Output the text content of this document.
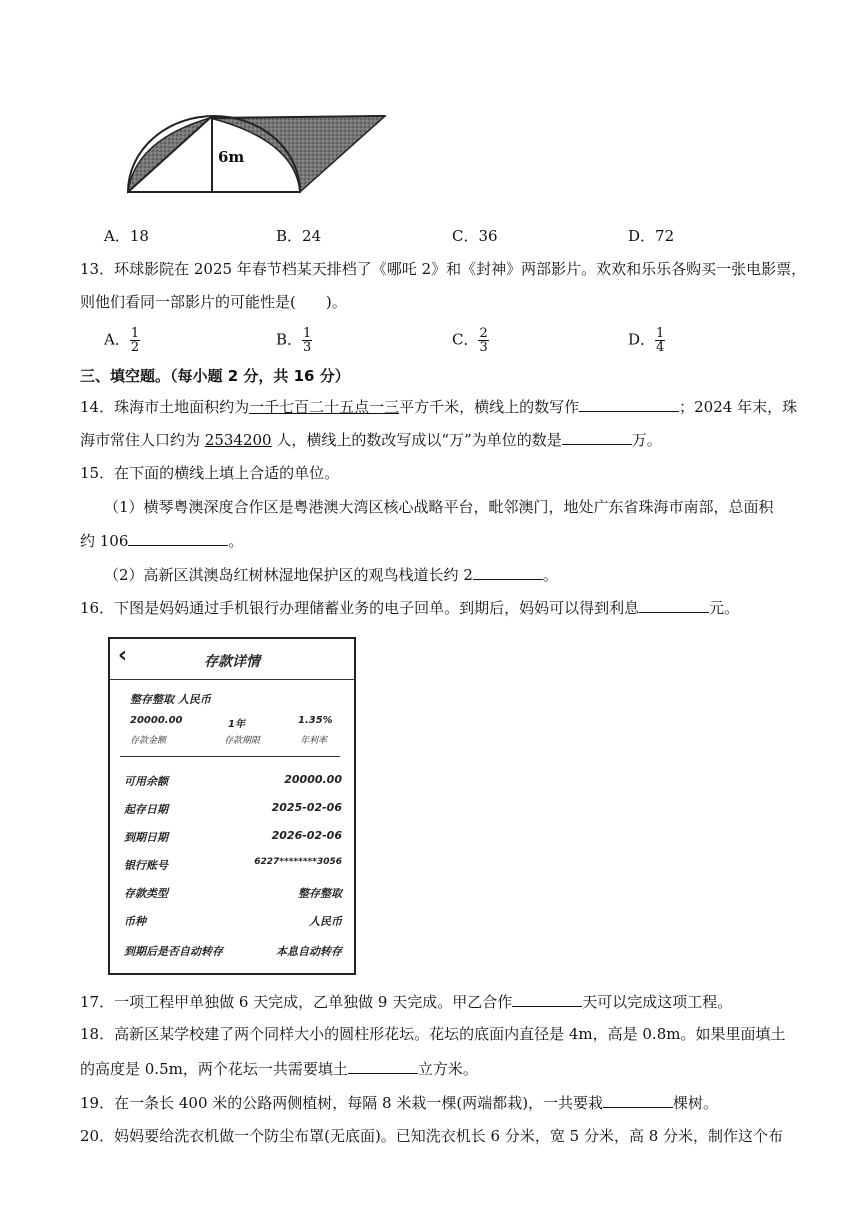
6m
A．18	B．24	C．36	D．72
13．环球影院在 2025 年春节档某天排档了《哪吒 2》和《封神》两部影片。欢欢和乐乐各购买一张电影票，
则他们看同一部影片的可能性是(　　)。
A． $\frac{1}{2}$	B． $\frac{1}{3}$	C． $\frac{2}{3}$	D． $\frac{1}{4}$
三、填空题。（每小题 2 分，共 16 分）
14．珠海市土地面积约为一千七百二十五点一三平方千米，横线上的数写作	；2024 年末，珠
海市常住人口约为 2534200 人，横线上的数改写成以“万”为单位的数是	万。
15．在下面的横线上填上合适的单位。
（1）横琴粤澳深度合作区是粤港澳大湾区核心战略平台，毗邻澳门，地处广东省珠海市南部，总面积
约 106	。
（2）高新区淇澳岛红树林湿地保护区的观鸟栈道长约 2	。
16．下图是妈妈通过手机银行办理储蓄业务的电子回单。到期后，妈妈可以得到利息	元。
‹	存款详情
整存整取 人民币
20000.00	1年	1.35%
存款金额	存款期限	年利率
可用余额	20000.00
起存日期	2025-02-06
到期日期	2026-02-06
银行账号	6227********3056
存款类型	整存整取
币种	人民币
到期后是否自动转存	本息自动转存
17．一项工程甲单独做 6 天完成，乙单独做 9 天完成。甲乙合作	天可以完成这项工程。
18．高新区某学校建了两个同样大小的圆柱形花坛。花坛的底面内直径是 4m，高是 0.8m。如果里面填土
的高度是 0.5m，两个花坛一共需要填土	立方米。
19．在一条长 400 米的公路两侧植树，每隔 8 米栽一棵(两端都栽)，一共要栽	棵树。
20．妈妈要给洗衣机做一个防尘布罩(无底面)。已知洗衣机长 6 分米，宽 5 分米，高 8 分米，制作这个布
